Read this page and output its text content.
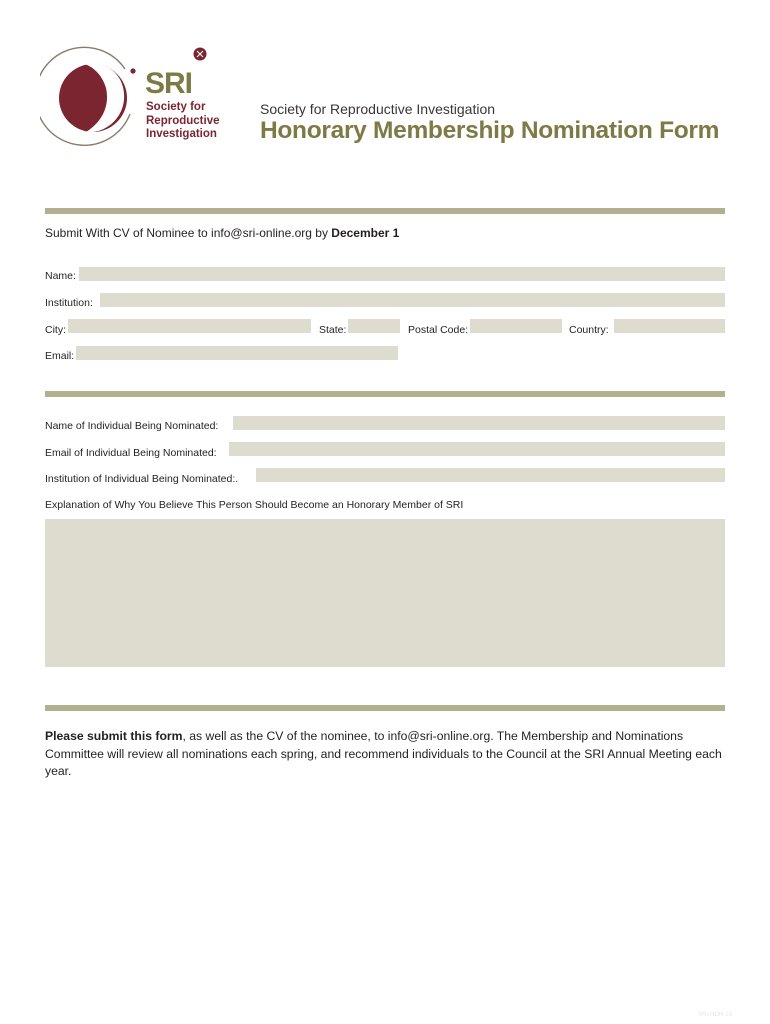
SRI
Society for
Reproductive
Investigation
Society for Reproductive Investigation
Honorary Membership Nomination Form
Submit With CV of Nominee to info@sri-online.org by December 1
Name:
Institution:
City:	State:	Postal Code:	Country:
Email:
Name of Individual Being Nominated:
Email of Individual Being Nominated:
Institution of Individual Being Nominated:.
Explanation of Why You Believe This Person Should Become an Honorary Member of SRI
Please submit this form, as well as the CV of the nominee, to info@sri-online.org. The Membership and Nominations Committee will review all nominations each spring, and recommend individuals to the Council at the SRI Annual Meeting each year.
SRI-HON-19
